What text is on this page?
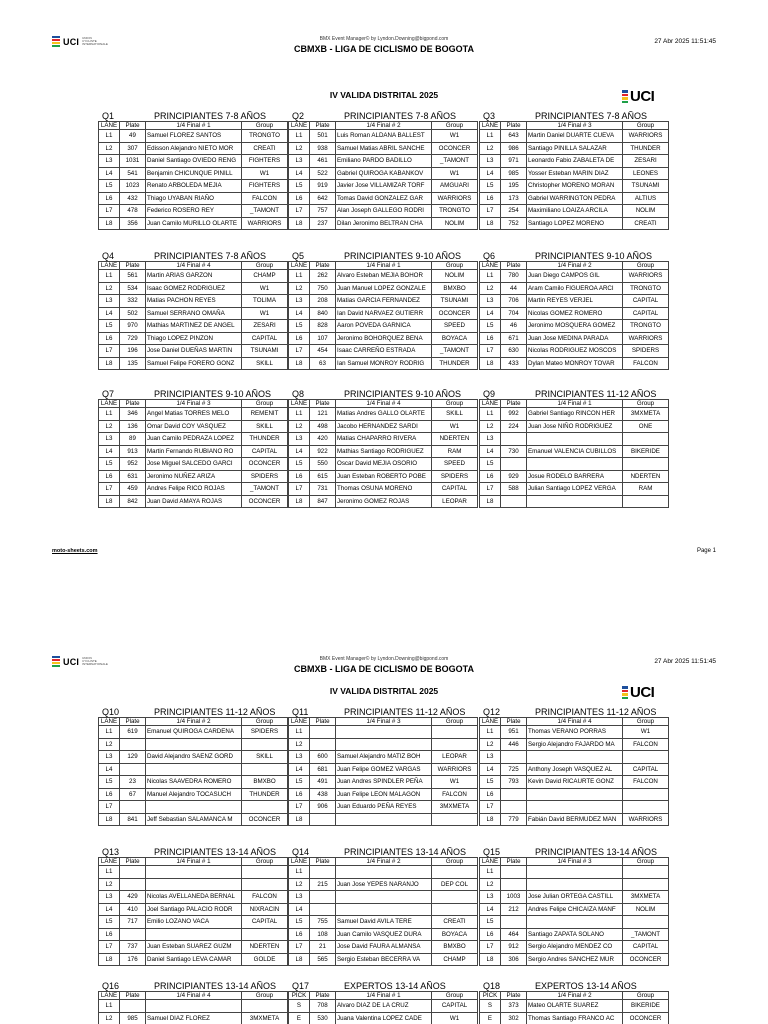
UCI UNION CYCLISTE INTERNATIONALE
BMX Event Manager© by Lyndon.Downing@bigpond.com
CBMXB - LIGA DE CICLISMO DE BOGOTA
27 Abr 2025 11:51:45
IV VALIDA DISTRITAL 2025	UCI
Q1	PRINCIPIANTES 7-8 AÑOS
LANE	Plate	1/4 Final # 1	Group
L1	49	Samuel FLOREZ SANTOS	TRONGTO
L2	307	Edisson Alejandro NIETO MOR	CREATI
L3	1031	Daniel Santiago OVIEDO RENG	FIGHTERS
L4	541	Benjamin CHICUNQUE PINILL	W1
L5	1023	Renato ARBOLEDA MEJIA	FIGHTERS
L6	432	Thiago UYABAN RIAÑO	FALCON
L7	478	Federico ROSERO REY	_TAMONT
L8	356	Juan Camilo MURILLO OLARTE	WARRIORS
Q2	PRINCIPIANTES 7-8 AÑOS
LANE	Plate	1/4 Final # 2	Group
L1	501	Luis Roman ALDANA BALLEST	W1
L2	938	Samuel Matias ABRIL SANCHE	OCONCER
L3	461	Emiliano PARDO BADILLO	_TAMONT
L4	522	Gabriel QUIROGA KABANKOV	W1
L5	919	Javier Jose VILLAMIZAR TORF	AMGUARI
L6	642	Tomas David GONZALEZ GAR	WARRIORS
L7	757	Alan Joseph GALLEGO RODRI	TRONGTO
L8	237	Dilan Jeronimo BELTRAN CHA	NOLIM
Q3	PRINCIPIANTES 7-8 AÑOS
LANE	Plate	1/4 Final # 3	Group
L1	643	Martin Daniel DUARTE CUEVA	WARRIORS
L2	986	Santiago PINILLA SALAZAR	THUNDER
L3	971	Leonardo Fabio ZABALETA DE	ZESARI
L4	985	Yosser Esteban MARIN DIAZ	LEONES
L5	195	Christopher MORENO MORAN	TSUNAMI
L6	173	Gabriel WARRINGTON PEDRA	ALTIUS
L7	254	Maximiliano LOAIZA ARCILA	NOLIM
L8	752	Santiago LOPEZ MORENO	CREATI
Q4	PRINCIPIANTES 7-8 AÑOS
LANE	Plate	1/4 Final # 4	Group
L1	561	Martin ARIAS GARZON	CHAMP
L2	534	Isaac GOMEZ RODRIGUEZ	W1
L3	332	Matias PACHON REYES	TOLIMA
L4	502	Samuel SERRANO OMAÑA	W1
L5	970	Mathias MARTINEZ DE ANGEL	ZESARI
L6	729	Thiago LOPEZ PINZON	CAPITAL
L7	196	Jose Daniel DUEÑAS MARTIN	TSUNAMI
L8	135	Samuel Felipe FORERO GONZ	SKILL
Q5	PRINCIPIANTES 9-10 AÑOS
LANE	Plate	1/4 Final # 1	Group
L1	262	Alvaro Esteban MEJIA BOHOR	NOLIM
L2	750	Juan Manuel LOPEZ GONZALE	BMXBO
L3	208	Matias GARCIA FERNANDEZ	TSUNAMI
L4	840	Ian David NARVAEZ GUTIERR	OCONCER
L5	828	Aaron POVEDA GARNICA	SPEED
L6	107	Jeronimo BOHORQUEZ BENA	BOYACA
L7	454	Isaac CARREÑO ESTRADA	_TAMONT
L8	63	Ian Samuel MONROY RODRIG	THUNDER
Q6	PRINCIPIANTES 9-10 AÑOS
LANE	Plate	1/4 Final # 2	Group
L1	780	Juan Diego CAMPOS GIL	WARRIORS
L2	44	Aram Camilo FIGUEROA ARCI	TRONGTO
L3	706	Martin REYES VERJEL	CAPITAL
L4	704	Nicolas GOMEZ ROMERO	CAPITAL
L5	46	Jeronimo MOSQUERA GOMEZ	TRONGTO
L6	671	Juan Jose MEDINA PARADA	WARRIORS
L7	630	Nicolas RODRIGUEZ MOSCOS	SPIDERS
L8	433	Dylan Mateo MONROY TOVAR	FALCON
Q7	PRINCIPIANTES 9-10 AÑOS
LANE	Plate	1/4 Final # 3	Group
L1	346	Angel Matias TORRES MELO	REMENIT
L2	136	Omar David COY VASQUEZ	SKILL
L3	89	Juan Camilo PEDRAZA LOPEZ	THUNDER
L4	913	Martin Fernando RUBIANO RO	CAPITAL
L5	952	Jose Miguel SALCEDO GARCI	OCONCER
L6	631	Jeronimo NUÑEZ ARIZA	SPIDERS
L7	459	Andres Felipe RICO ROJAS	_TAMONT
L8	842	Juan David AMAYA ROJAS	OCONCER
Q8	PRINCIPIANTES 9-10 AÑOS
LANE	Plate	1/4 Final # 4	Group
L1	121	Matias Andres GALLO OLARTE	SKILL
L2	498	Jacobo HERNANDEZ SARDI	W1
L3	420	Matias CHAPARRO RIVERA	NDERTEN
L4	922	Mathias Santiago RODRIGUEZ	RAM
L5	550	Oscar David MEJIA OSORIO	SPEED
L6	615	Juan Esteban ROBERTO POBE	SPIDERS
L7	731	Thomas OSUNA MORENO	CAPITAL
L8	847	Jeronimo GOMEZ ROJAS	LEOPAR
Q9	PRINCIPIANTES 11-12 AÑOS
LANE	Plate	1/4 Final # 1	Group
L1	992	Gabriel Santiago RINCON HER	3MXMETA
L2	224	Juan Jose NIÑO RODRIGUEZ	ONE
L3			
L4	730	Emanuel VALENCIA CUBILLOS	BIKERIDE
L5			
L6	929	Josue RODELO BARRERA	NDERTEN
L7	588	Julian Santiago LOPEZ VERGA	RAM
L8			
moto-sheets.com	Page 1
UCI UNION CYCLISTE INTERNATIONALE
BMX Event Manager© by Lyndon.Downing@bigpond.com
CBMXB - LIGA DE CICLISMO DE BOGOTA
27 Abr 2025 11:51:45
IV VALIDA DISTRITAL 2025	UCI
Q10	PRINCIPIANTES 11-12 AÑOS
LANE	Plate	1/4 Final # 2	Group
L1	619	Emanuel QUIROGA CARDENA	SPIDERS
L2			
L3	129	David Alejandro SAENZ GORD	SKILL
L4			
L5	23	Nicolas SAAVEDRA ROMERO	BMXBO
L6	67	Manuel Alejandro TOCASUCH	THUNDER
L7			
L8	841	Jeff Sebastian SALAMANCA M	OCONCER
Q11	PRINCIPIANTES 11-12 AÑOS
LANE	Plate	1/4 Final # 3	Group
L1			
L2			
L3	600	Samuel Alejandro MATIZ BOH	LEOPAR
L4	681	Juan Felipe GOMEZ VARGAS	WARRIORS
L5	491	Juan Andres SPINDLER PEÑA	W1
L6	438	Juan Felipe LEON MALAGON	FALCON
L7	906	Juan Eduardo PEÑA REYES	3MXMETA
L8			
Q12	PRINCIPIANTES 11-12 AÑOS
LANE	Plate	1/4 Final # 4	Group
L1	951	Thomas VERANO PORRAS	W1
L2	446	Sergio Alejandro FAJARDO MA	FALCON
L3			
L4	725	Anthony Joseph VASQUEZ AL	CAPITAL
L5	793	Kevin David RICAURTE GONZ	FALCON
L6			
L7			
L8	779	Fabián David BERMUDEZ MAN	WARRIORS
Q13	PRINCIPIANTES 13-14 AÑOS
LANE	Plate	1/4 Final # 1	Group
L1			
L2			
L3	429	Nicolas AVELLANEDA BERNAL	FALCON
L4	410	Joel Santiago PALACIO RODR	NIXRACIN
L5	717	Emilio LOZANO VACA	CAPITAL
L6			
L7	737	Juan Esteban SUAREZ GUZM	NDERTEN
L8	176	Daniel Santiago LEVA CAMAR	GOLDE
Q14	PRINCIPIANTES 13-14 AÑOS
LANE	Plate	1/4 Final # 2	Group
L1			
L2	215	Juan Jose YEPES NARANJO	DEP COL
L3			
L4			
L5	755	Samuel David AVILA TERE	CREATI
L6	108	Juan Camilo VASQUEZ DURA	BOYACA
L7	21	Jose David FAURA ALMANSA	BMXBO
L8	565	Sergio Esteban BECERRA VA	CHAMP
Q15	PRINCIPIANTES 13-14 AÑOS
LANE	Plate	1/4 Final # 3	Group
L1			
L2			
L3	1003	Jose Julian ORTEGA CASTILL	3MXMETA
L4	212	Andres Felipe CHICAIZA MANF	NOLIM
L5			
L6	464	Santiago ZAPATA SOLANO	_TAMONT
L7	912	Sergio Alejandro MENDEZ CO	CAPITAL
L8	306	Sergio Andres SANCHEZ MUR	OCONCER
Q16	PRINCIPIANTES 13-14 AÑOS
LANE	Plate	1/4 Final # 4	Group
L1			
L2	985	Samuel DIAZ FLOREZ	3MXMETA
Q17	EXPERTOS 13-14 AÑOS
PICK	Plate	1/4 Final # 1	Group
S	708	Alvaro DIAZ DE LA CRUZ	CAPITAL
E	530	Juana Valentina LOPEZ CADE	W1
Q18	EXPERTOS 13-14 AÑOS
PICK	Plate	1/4 Final # 2	Group
S	373	Mateo OLARTE SUAREZ	BIKERIDE
E	302	Thomas Santiago FRANCO AC	OCONCER
